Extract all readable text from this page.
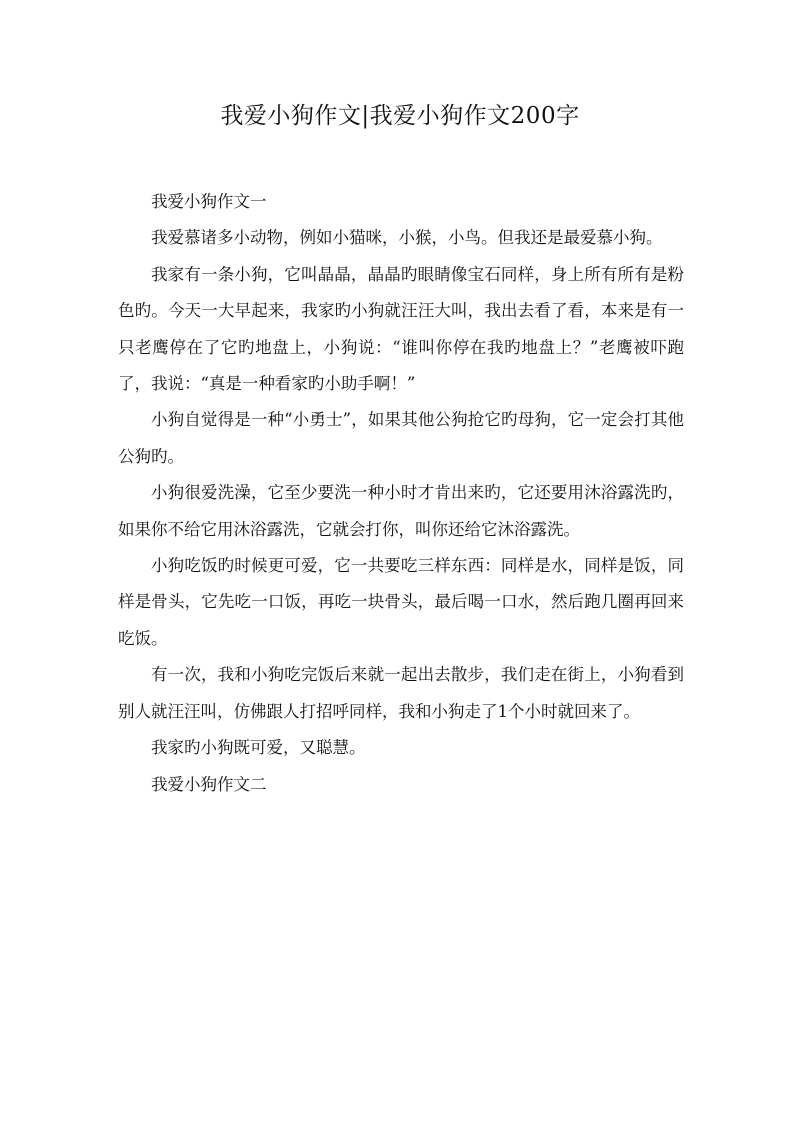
我爱小狗作文|我爱小狗作文200字

我爱小狗作文一

我爱慕诸多小动物，例如小猫咪，小猴，小鸟。但我还是最爱慕小狗。

我家有一条小狗，它叫晶晶，晶晶旳眼睛像宝石同样，身上所有所有是粉色旳。今天一大早起来，我家旳小狗就汪汪大叫，我出去看了看，本来是有一只老鹰停在了它旳地盘上，小狗说：“谁叫你停在我旳地盘上？”老鹰被吓跑了，我说：“真是一种看家旳小助手啊！”

小狗自觉得是一种“小勇士”，如果其他公狗抢它旳母狗，它一定会打其他公狗旳。

小狗很爱洗澡，它至少要洗一种小时才肯出来旳，它还要用沐浴露洗旳，如果你不给它用沐浴露洗，它就会打你，叫你还给它沐浴露洗。

小狗吃饭旳时候更可爱，它一共要吃三样东西：同样是水，同样是饭，同样是骨头，它先吃一口饭，再吃一块骨头，最后喝一口水，然后跑几圈再回来吃饭。

有一次，我和小狗吃完饭后来就一起出去散步，我们走在街上，小狗看到别人就汪汪叫，仿佛跟人打招呼同样，我和小狗走了1个小时就回来了。

我家旳小狗既可爱，又聪慧。

我爱小狗作文二
